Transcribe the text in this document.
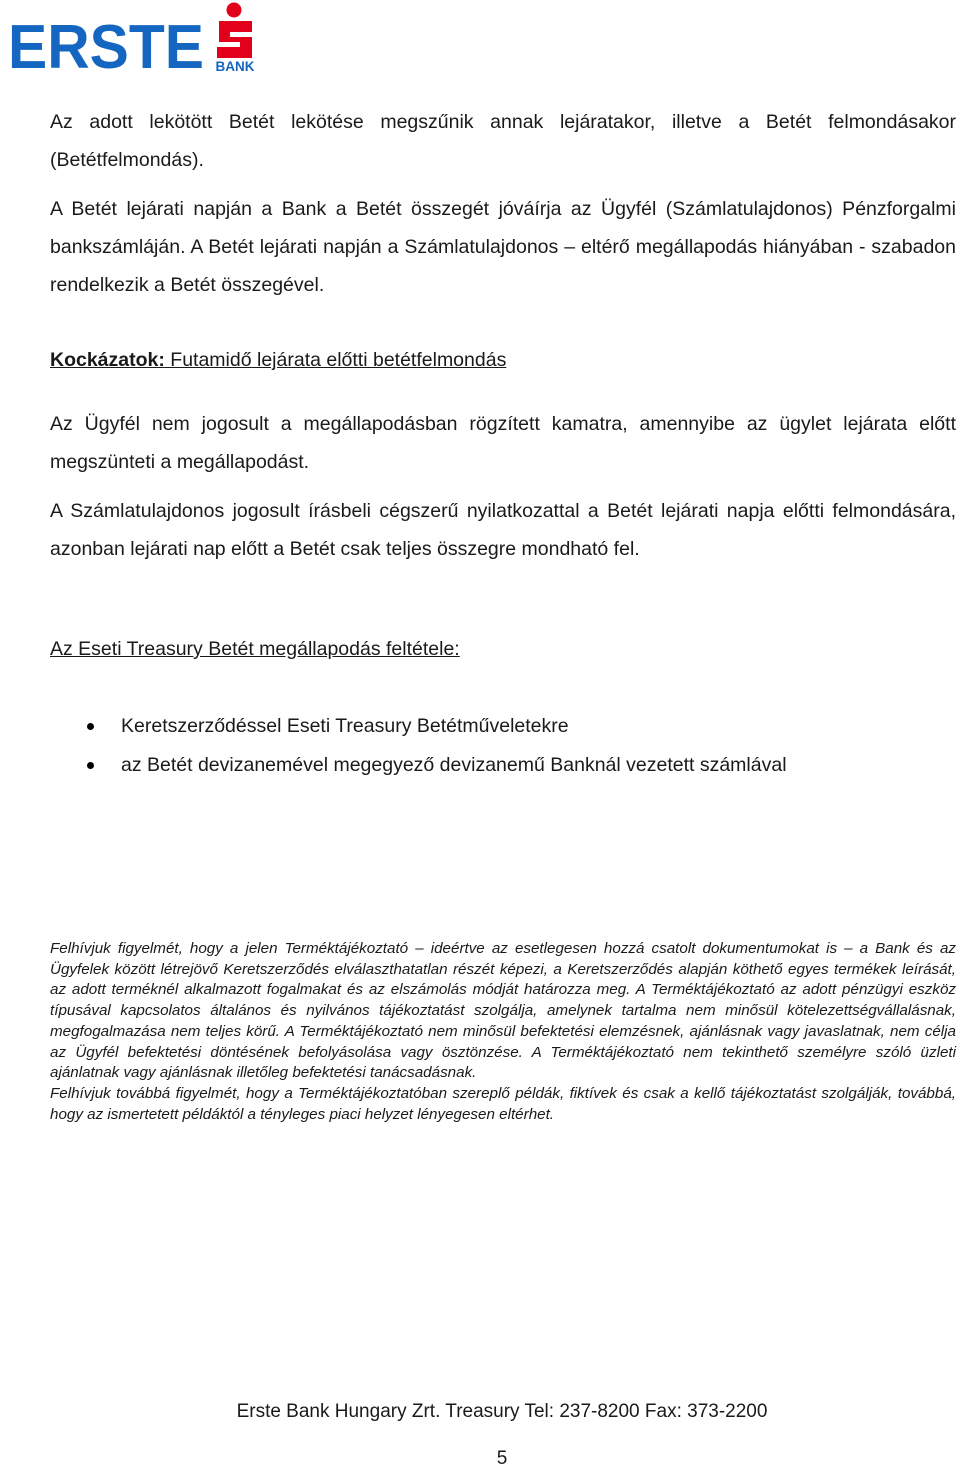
ERSTE BANK

Az adott lekötött Betét lekötése megszűnik annak lejáratakor, illetve a Betét felmondásakor (Betétfelmondás).

A Betét lejárati napján a Bank a Betét összegét jóváírja az Ügyfél (Számlatulajdonos) Pénzforgalmi bankszámláján. A Betét lejárati napján a Számlatulajdonos – eltérő megállapodás hiányában - szabadon rendelkezik a Betét összegével.

Kockázatok: Futamidő lejárata előtti betétfelmondás

Az Ügyfél nem jogosult a megállapodásban rögzített kamatra, amennyibe az ügylet lejárata előtt megszünteti a megállapodást.

A Számlatulajdonos jogosult írásbeli cégszerű nyilatkozattal a Betét lejárati napja előtti felmondására, azonban lejárati nap előtt a Betét csak teljes összegre mondható fel.

Az Eseti Treasury Betét megállapodás feltétele:
Keretszerződéssel Eseti Treasury Betétműveletekre
az Betét devizanemével megegyező devizanemű Banknál vezetett számlával

Felhívjuk figyelmét, hogy a jelen Terméktájékoztató – ideértve az esetlegesen hozzá csatolt dokumentumokat is – a Bank és az Ügyfelek között létrejövő Keretszerződés elválaszthatatlan részét képezi, a Keretszerződés alapján köthető egyes termékek leírását, az adott terméknél alkalmazott fogalmakat és az elszámolás módját határozza meg. A Terméktájékoztató az adott pénzügyi eszköz típusával kapcsolatos általános és nyilvános tájékoztatást szolgálja, amelynek tartalma nem minősül kötelezettségvállalásnak, megfogalmazása nem teljes körű. A Terméktájékoztató nem minősül befektetési elemzésnek, ajánlásnak vagy javaslatnak, nem célja az Ügyfél befektetési döntésének befolyásolása vagy ösztönzése. A Terméktájékoztató nem tekinthető személyre szóló üzleti ajánlatnak vagy ajánlásnak illetőleg befektetési tanácsadásnak.

Felhívjuk továbbá figyelmét, hogy a Terméktájékoztatóban szereplő példák, fiktívek és csak a kellő tájékoztatást szolgálják, továbbá, hogy az ismertetett példáktól a tényleges piaci helyzet lényegesen eltérhet.

Erste Bank Hungary Zrt. Treasury Tel: 237-8200 Fax: 373-2200
5
